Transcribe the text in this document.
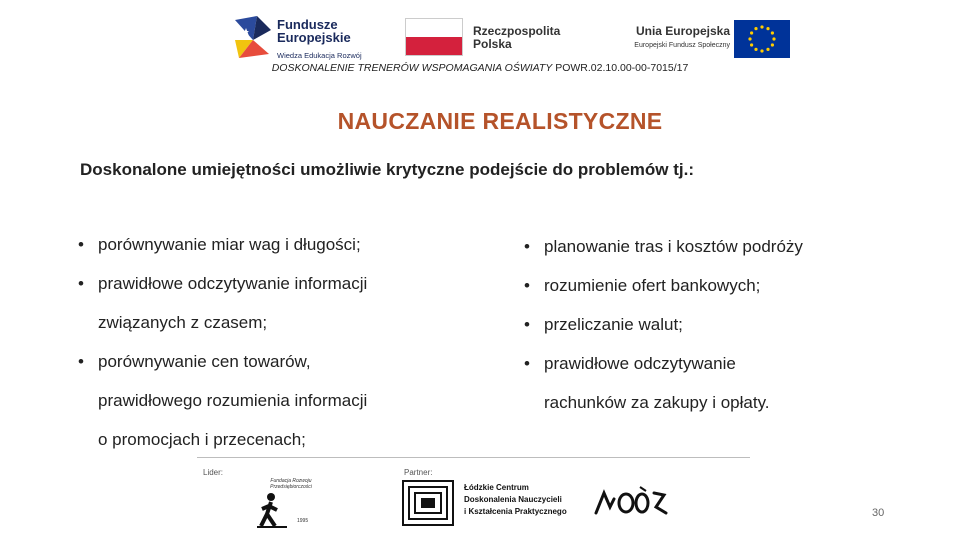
Fundusze
Europejskie
Wiedza Edukacja Rozwój
Rzeczpospolita
Polska
Unia Europejska
Europejski Fundusz Społeczny
DOSKONALENIE TRENERÓW WSPOMAGANIA OŚWIATY POWR.02.10.00-00-7015/17
NAUCZANIE REALISTYCZNE
Doskonalone umiejętności umożliwie krytyczne podejście do problemów tj.:
• porównywanie miar wag i długości;
• prawidłowe odczytywanie informacji
związanych z czasem;
• porównywanie cen towarów,
prawidłowego rozumienia informacji
o promocjach i przecenach;
• planowanie tras i kosztów podróży
• rozumienie ofert bankowych;
• przeliczanie walut;
• prawidłowe odczytywanie
rachunków za zakupy i opłaty.
Lider:	Partner:
Fundacja Rozwoju Przedsiębiorczości
1995
Łódzkie Centrum
Doskonalenia Nauczycieli
i Kształcenia Praktycznego	30
